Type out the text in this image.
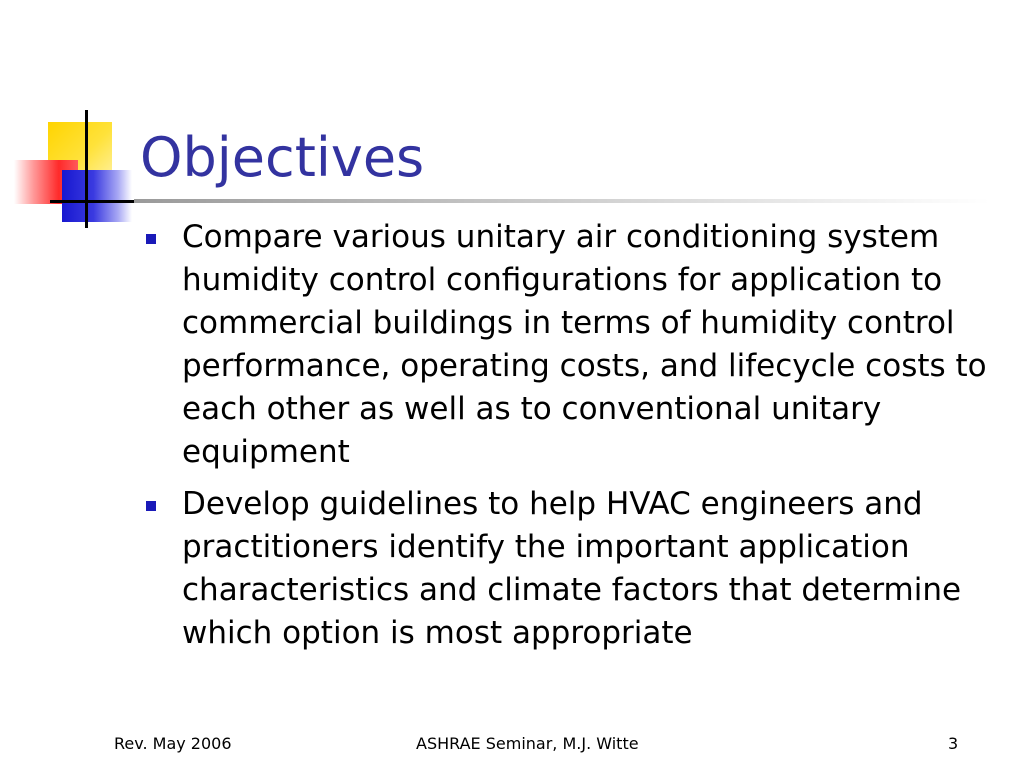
Objectives
Compare various unitary air conditioning system humidity control configurations for application to commercial buildings in terms of humidity control performance, operating costs, and lifecycle costs to each other as well as to conventional unitary equipment
Develop guidelines to help HVAC engineers and practitioners identify the important application characteristics and climate factors that determine which option is most appropriate
Rev. May 2006	ASHRAE Seminar, M.J. Witte	3
